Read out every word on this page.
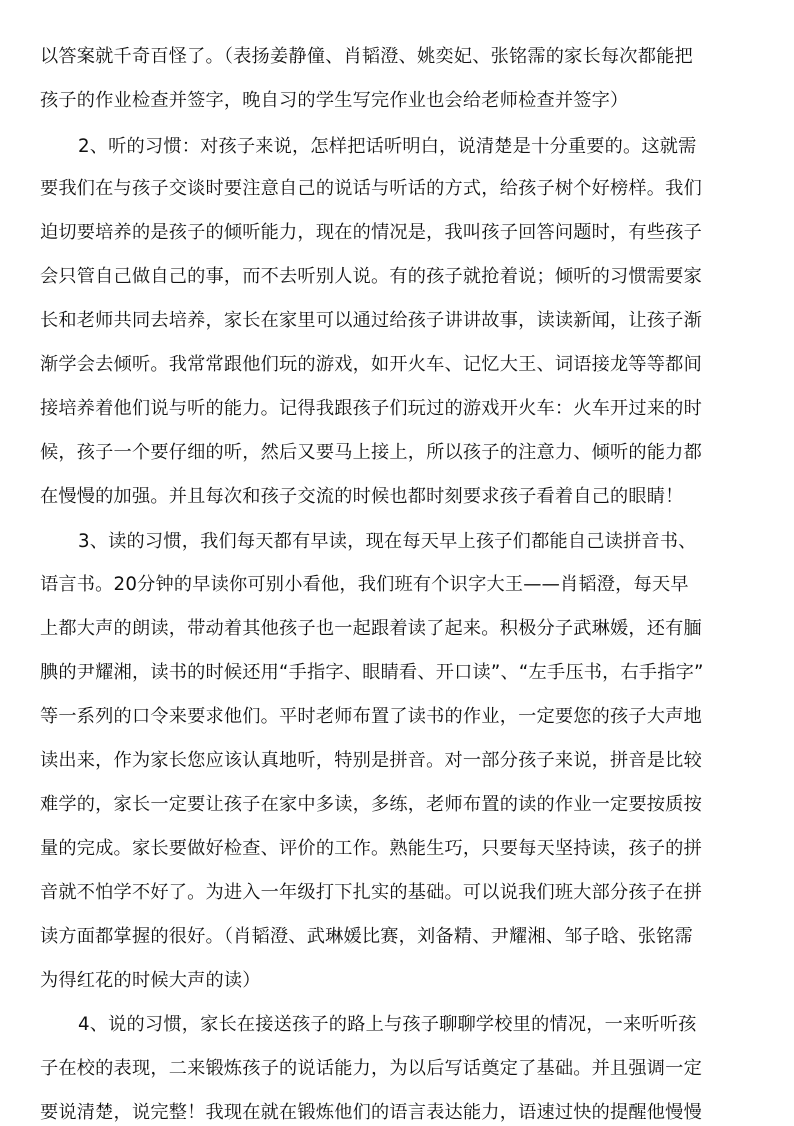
以答案就千奇百怪了。（表扬姜静僮、肖韬澄、姚奕妃、张铭霈的家长每次都能把
孩子的作业检查并签字，晚自习的学生写完作业也会给老师检查并签字）
2、听的习惯：对孩子来说，怎样把话听明白，说清楚是十分重要的。这就需
要我们在与孩子交谈时要注意自己的说话与听话的方式，给孩子树个好榜样。我们
迫切要培养的是孩子的倾听能力，现在的情况是，我叫孩子回答问题时，有些孩子
会只管自己做自己的事，而不去听别人说。有的孩子就抢着说；倾听的习惯需要家
长和老师共同去培养，家长在家里可以通过给孩子讲讲故事，读读新闻，让孩子渐
渐学会去倾听。我常常跟他们玩的游戏，如开火车、记忆大王、词语接龙等等都间
接培养着他们说与听的能力。记得我跟孩子们玩过的游戏开火车：火车开过来的时
候，孩子一个要仔细的听，然后又要马上接上，所以孩子的注意力、倾听的能力都
在慢慢的加强。并且每次和孩子交流的时候也都时刻要求孩子看着自己的眼睛！
3、读的习惯，我们每天都有早读，现在每天早上孩子们都能自己读拼音书、
语言书。20分钟的早读你可别小看他，我们班有个识字大王——肖韬澄，每天早
上都大声的朗读，带动着其他孩子也一起跟着读了起来。积极分子武琳媛，还有腼
腆的尹耀湘，读书的时候还用“手指字、眼睛看、开口读”、“左手压书，右手指字”
等一系列的口令来要求他们。平时老师布置了读书的作业，一定要您的孩子大声地
读出来，作为家长您应该认真地听，特别是拼音。对一部分孩子来说，拼音是比较
难学的，家长一定要让孩子在家中多读，多练，老师布置的读的作业一定要按质按
量的完成。家长要做好检查、评价的工作。熟能生巧，只要每天坚持读，孩子的拼
音就不怕学不好了。为进入一年级打下扎实的基础。可以说我们班大部分孩子在拼
读方面都掌握的很好。（肖韬澄、武琳媛比赛，刘备精、尹耀湘、邹子晗、张铭霈
为得红花的时候大声的读）
4、说的习惯，家长在接送孩子的路上与孩子聊聊学校里的情况，一来听听孩
子在校的表现，二来锻炼孩子的说话能力，为以后写话奠定了基础。并且强调一定
要说清楚，说完整！我现在就在锻炼他们的语言表达能力，语速过快的提醒他慢慢
